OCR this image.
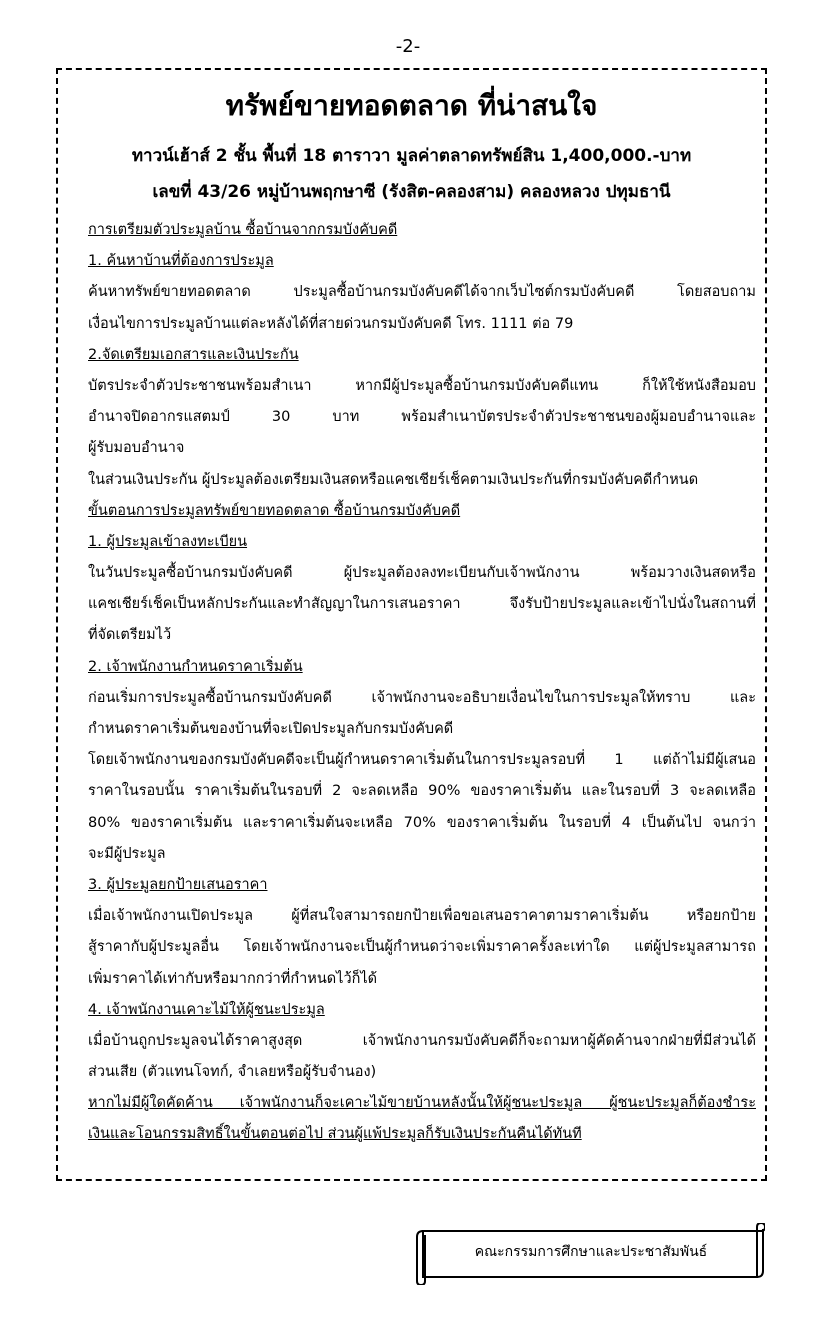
-2-
ทรัพย์ขายทอดตลาด ที่น่าสนใจ
ทาวน์เฮ้าส์ 2 ชั้น พื้นที่ 18 ตาราวา มูลค่าตลาดทรัพย์สิน 1,400,000.-บาท
เลขที่ 43/26 หมู่บ้านพฤกษาซี (รังสิต-คลองสาม) คลองหลวง ปทุมธานี
การเตรียมตัวประมูลบ้าน ซื้อบ้านจากกรมบังคับคดี
1. ค้นหาบ้านที่ต้องการประมูล
ค้นหาทรัพย์ขายทอดตลาด ประมูลซื้อบ้านกรมบังคับคดีได้จากเว็บไซต์กรมบังคับคดี โดยสอบถาม
เงื่อนไขการประมูลบ้านแต่ละหลังได้ที่สายด่วนกรมบังคับคดี โทร. 1111 ต่อ 79
2.จัดเตรียมเอกสารและเงินประกัน
บัตรประจำตัวประชาชนพร้อมสำเนา หากมีผู้ประมูลซื้อบ้านกรมบังคับคดีแทน ก็ให้ใช้หนังสือมอบ
อำนาจปิดอากรแสตมป์ 30 บาท พร้อมสำเนาบัตรประจำตัวประชาชนของผู้มอบอำนาจและ
ผู้รับมอบอำนาจ
ในส่วนเงินประกัน ผู้ประมูลต้องเตรียมเงินสดหรือแคชเชียร์เช็คตามเงินประกันที่กรมบังคับคดีกำหนด
ขั้นตอนการประมูลทรัพย์ขายทอดตลาด ซื้อบ้านกรมบังคับคดี
1. ผู้ประมูลเข้าลงทะเบียน
ในวันประมูลซื้อบ้านกรมบังคับคดี ผู้ประมูลต้องลงทะเบียนกับเจ้าพนักงาน พร้อมวางเงินสดหรือ
แคชเชียร์เช็คเป็นหลักประกันและทำสัญญาในการเสนอราคา จึงรับป้ายประมูลและเข้าไปนั่งในสถานที่
ที่จัดเตรียมไว้
2. เจ้าพนักงานกำหนดราคาเริ่มต้น
ก่อนเริ่มการประมูลซื้อบ้านกรมบังคับคดี เจ้าพนักงานจะอธิบายเงื่อนไขในการประมูลให้ทราบ และ
กำหนดราคาเริ่มต้นของบ้านที่จะเปิดประมูลกับกรมบังคับคดี
โดยเจ้าพนักงานของกรมบังคับคดีจะเป็นผู้กำหนดราคาเริ่มต้นในการประมูลรอบที่ 1 แต่ถ้าไม่มีผู้เสนอ
ราคาในรอบนั้น ราคาเริ่มต้นในรอบที่ 2 จะลดเหลือ 90% ของราคาเริ่มต้น และในรอบที่ 3 จะลดเหลือ
80% ของราคาเริ่มต้น และราคาเริ่มต้นจะเหลือ 70% ของราคาเริ่มต้น ในรอบที่ 4 เป็นต้นไป จนกว่า
จะมีผู้ประมูล
3. ผู้ประมูลยกป้ายเสนอราคา
เมื่อเจ้าพนักงานเปิดประมูล ผู้ที่สนใจสามารถยกป้ายเพื่อขอเสนอราคาตามราคาเริ่มต้น หรือยกป้าย
สู้ราคากับผู้ประมูลอื่น โดยเจ้าพนักงานจะเป็นผู้กำหนดว่าจะเพิ่มราคาครั้งละเท่าใด แต่ผู้ประมูลสามารถ
เพิ่มราคาได้เท่ากับหรือมากกว่าที่กำหนดไว้ก็ได้
4. เจ้าพนักงานเคาะไม้ให้ผู้ชนะประมูล
เมื่อบ้านถูกประมูลจนได้ราคาสูงสุด เจ้าพนักงานกรมบังคับคดีก็จะถามหาผู้คัดค้านจากฝ่ายที่มีส่วนได้
ส่วนเสีย (ตัวแทนโจทก์, จำเลยหรือผู้รับจำนอง)
หากไม่มีผู้ใดคัดค้าน เจ้าพนักงานก็จะเคาะไม้ขายบ้านหลังนั้นให้ผู้ชนะประมูล ผู้ชนะประมูลก็ต้องชำระ
เงินและโอนกรรมสิทธิ์ในขั้นตอนต่อไป ส่วนผู้แพ้ประมูลก็รับเงินประกันคืนได้ทันที
คณะกรรมการศึกษาและประชาสัมพันธ์
